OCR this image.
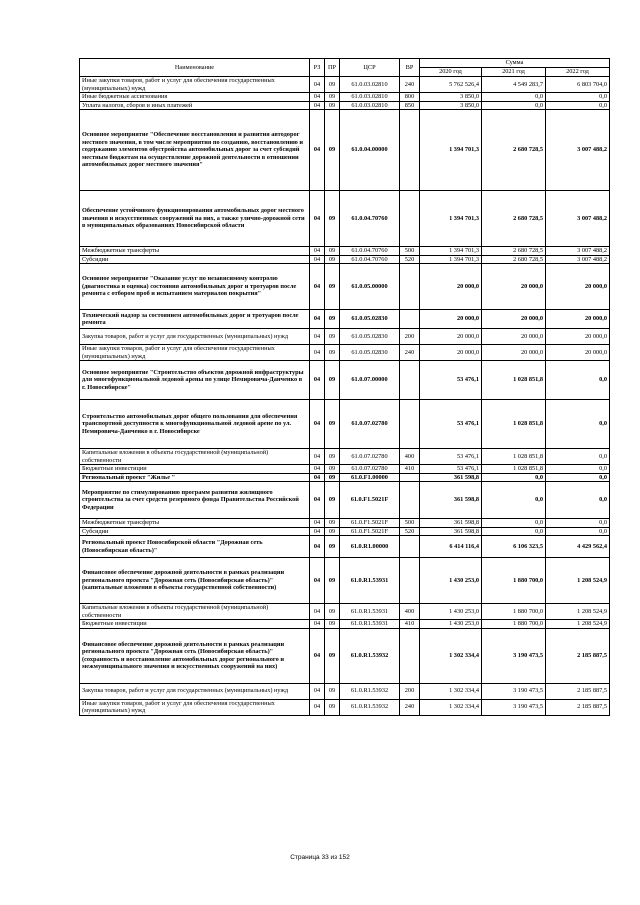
Наименование	РЗ	ПР	ЦСР	ВР	Сумма		
					2020 год	2021 год	2022 год
Иные закупки товаров, работ и услуг для обеспечения государственных (муниципальных) нужд	04	09	61.0.03.02810	240	5 762 526,4	4 549 283,7	6 803 704,0
Иные бюджетные ассигнования	04	09	61.0.03.02810	800	3 850,0	0,0	0,0
Уплата налогов, сборов и иных платежей	04	09	61.0.03.02810	850	3 850,0	0,0	0,0
Основное мероприятие "Обеспечение восстановления и развития автодорог местного значения, в том числе мероприятия по созданию, восстановлению и содержанию элементов обустройства автомобильных дорог за счет субсидий местным бюджетам на осуществление дорожной деятельности в отношении автомобильных дорог местного значения"	04	09	61.0.04.00000		1 394 701,3	2 680 728,5	3 007 488,2
Обеспечение устойчивого функционирования автомобильных дорог местного значения и искусственных сооружений на них, а также улично-дорожной сети в муниципальных образованиях Новосибирской области	04	09	61.0.04.70760		1 394 701,3	2 680 728,5	3 007 488,2
Межбюджетные трансферты	04	09	61.0.04.70760	500	1 394 701,3	2 680 728,5	3 007 488,2
Субсидии	04	09	61.0.04.70760	520	1 394 701,3	2 680 728,5	3 007 488,2
Основное мероприятие "Оказание услуг по независимому контролю (диагностика и оценка) состояния автомобильных дорог и тротуаров после ремонта с отбором проб и испытанием материалов покрытия"	04	09	61.0.05.00000		20 000,0	20 000,0	20 000,0
Технический надзор за состоянием автомобильных дорог и тротуаров после ремонта	04	09	61.0.05.02830		20 000,0	20 000,0	20 000,0
Закупка товаров, работ и услуг для государственных (муниципальных) нужд	04	09	61.0.05.02830	200	20 000,0	20 000,0	20 000,0
Иные закупки товаров, работ и услуг для обеспечения государственных (муниципальных) нужд	04	09	61.0.05.02830	240	20 000,0	20 000,0	20 000,0
Основное мероприятие "Строительство объектов дорожной инфраструктуры для многофункциональной ледовой арены по улице Немировича-Данченко в г. Новосибирске"	04	09	61.0.07.00000		53 476,1	1 028 851,8	0,0
Строительство автомобильных дорог общего пользования для обеспечения транспортной доступности к многофункциональной ледовой арене по ул. Немировича-Данченко в г. Новосибирске	04	09	61.0.07.02780		53 476,1	1 028 851,8	0,0
Капитальные вложения в объекты государственной (муниципальной) собственности	04	09	61.0.07.02780	400	53 476,1	1 028 851,8	0,0
Бюджетные инвестиции	04	09	61.0.07.02780	410	53 476,1	1 028 851,8	0,0
Региональный проект "Жилье "	04	09	61.0.F1.00000		361 598,8	0,0	0,0
Мероприятие по стимулированию программ развития жилищного строительства за счет средств резервного фонда Правительства Российской Федерации	04	09	61.0.F1.5021F		361 598,8	0,0	0,0
Межбюджетные трансферты	04	09	61.0.F1.5021F	500	361 598,8	0,0	0,0
Субсидии	04	09	61.0.F1.5021F	520	361 598,8	0,0	0,0
Региональный проект Новосибирской области "Дорожная сеть (Новосибирская область)"	04	09	61.0.R1.00000		6 414 116,4	6 106 323,5	4 429 562,4
Финансовое обеспечение дорожной деятельности в рамках реализации регионального проекта "Дорожная сеть (Новосибирская область)" (капитальные вложения в объекты государственной собственности)	04	09	61.0.R1.53931		1 430 253,0	1 880 700,0	1 208 524,9
Капитальные вложения в объекты государственной (муниципальной) собственности	04	09	61.0.R1.53931	400	1 430 253,0	1 880 700,0	1 208 524,9
Бюджетные инвестиции	04	09	61.0.R1.53931	410	1 430 253,0	1 880 700,0	1 208 524,9
Финансовое обеспечение дорожной деятельности в рамках реализации регионального проекта "Дорожная сеть (Новосибирская область)" (сохранность и восстановление автомобильных дорог регионального и межмуниципального значения и искусственных сооружений на них)	04	09	61.0.R1.53932		1 302 334,4	3 190 473,5	2 185 887,5
Закупка товаров, работ и услуг для государственных (муниципальных) нужд	04	09	61.0.R1.53932	200	1 302 334,4	3 190 473,5	2 185 887,5
Иные закупки товаров, работ и услуг для обеспечения государственных (муниципальных) нужд	04	09	61.0.R1.53932	240	1 302 334,4	3 190 473,5	2 185 887,5
Страница 33 из 152
